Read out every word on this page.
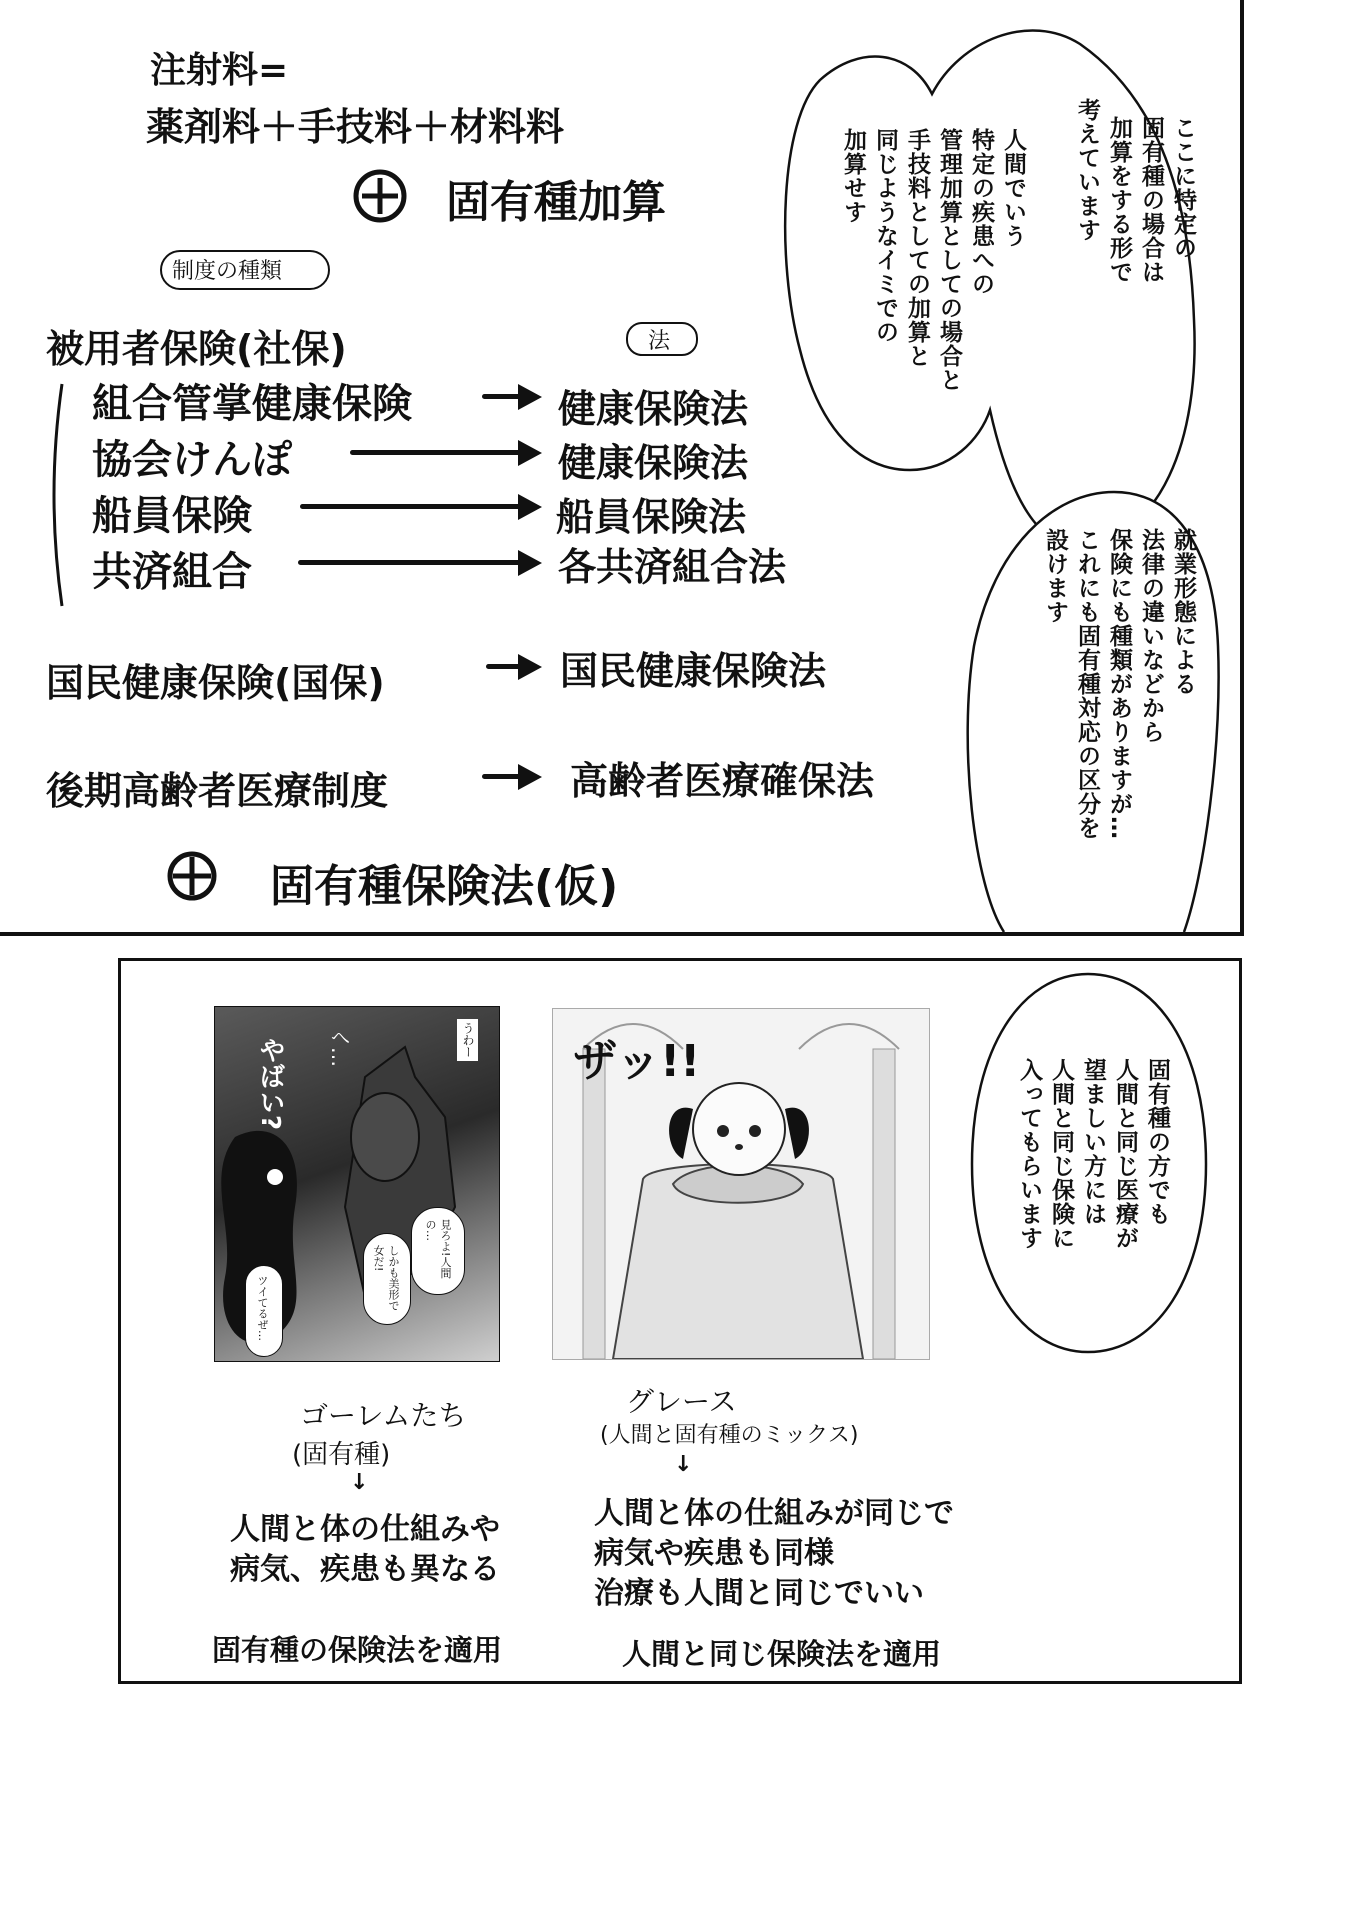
注射料=
薬剤料＋手技料＋材料料
固有種加算
制度の種類
法
被用者保険(社保)
組合管掌健康保険	健康保険法
協会けんぽ	健康保険法
船員保険	船員保険法
共済組合	各共済組合法
国民健康保険(国保)	国民健康保険法
後期高齢者医療制度	高齢者医療確保法
固有種保険法(仮)
ここに特定の
固有種の場合は
加算をする形で
考えています
人間でいう
特定の疾患への
管理加算としての場合と
手技料としての加算と
同じようなイミでの
加算せす
就業形態による
法律の違いなどから
保険にも種類がありますが…
これにも固有種対応の区分を
設けます
やばい? へ…	うわー
見ろよ!人間の…
しかも美形で女だ!
ツイてるぜ…
ザッ!!	固有種の方でも
人間と同じ医療が
望ましい方には
人間と同じ保険に
入ってもらいます
ゴーレムたち
(固有種)
↓
人間と体の仕組みや
病気、疾患も異なる
固有種の保険法を適用
グレース
(人間と固有種のミックス)
↓
人間と体の仕組みが同じで
病気や疾患も同様
治療も人間と同じでいい
人間と同じ保険法を適用
